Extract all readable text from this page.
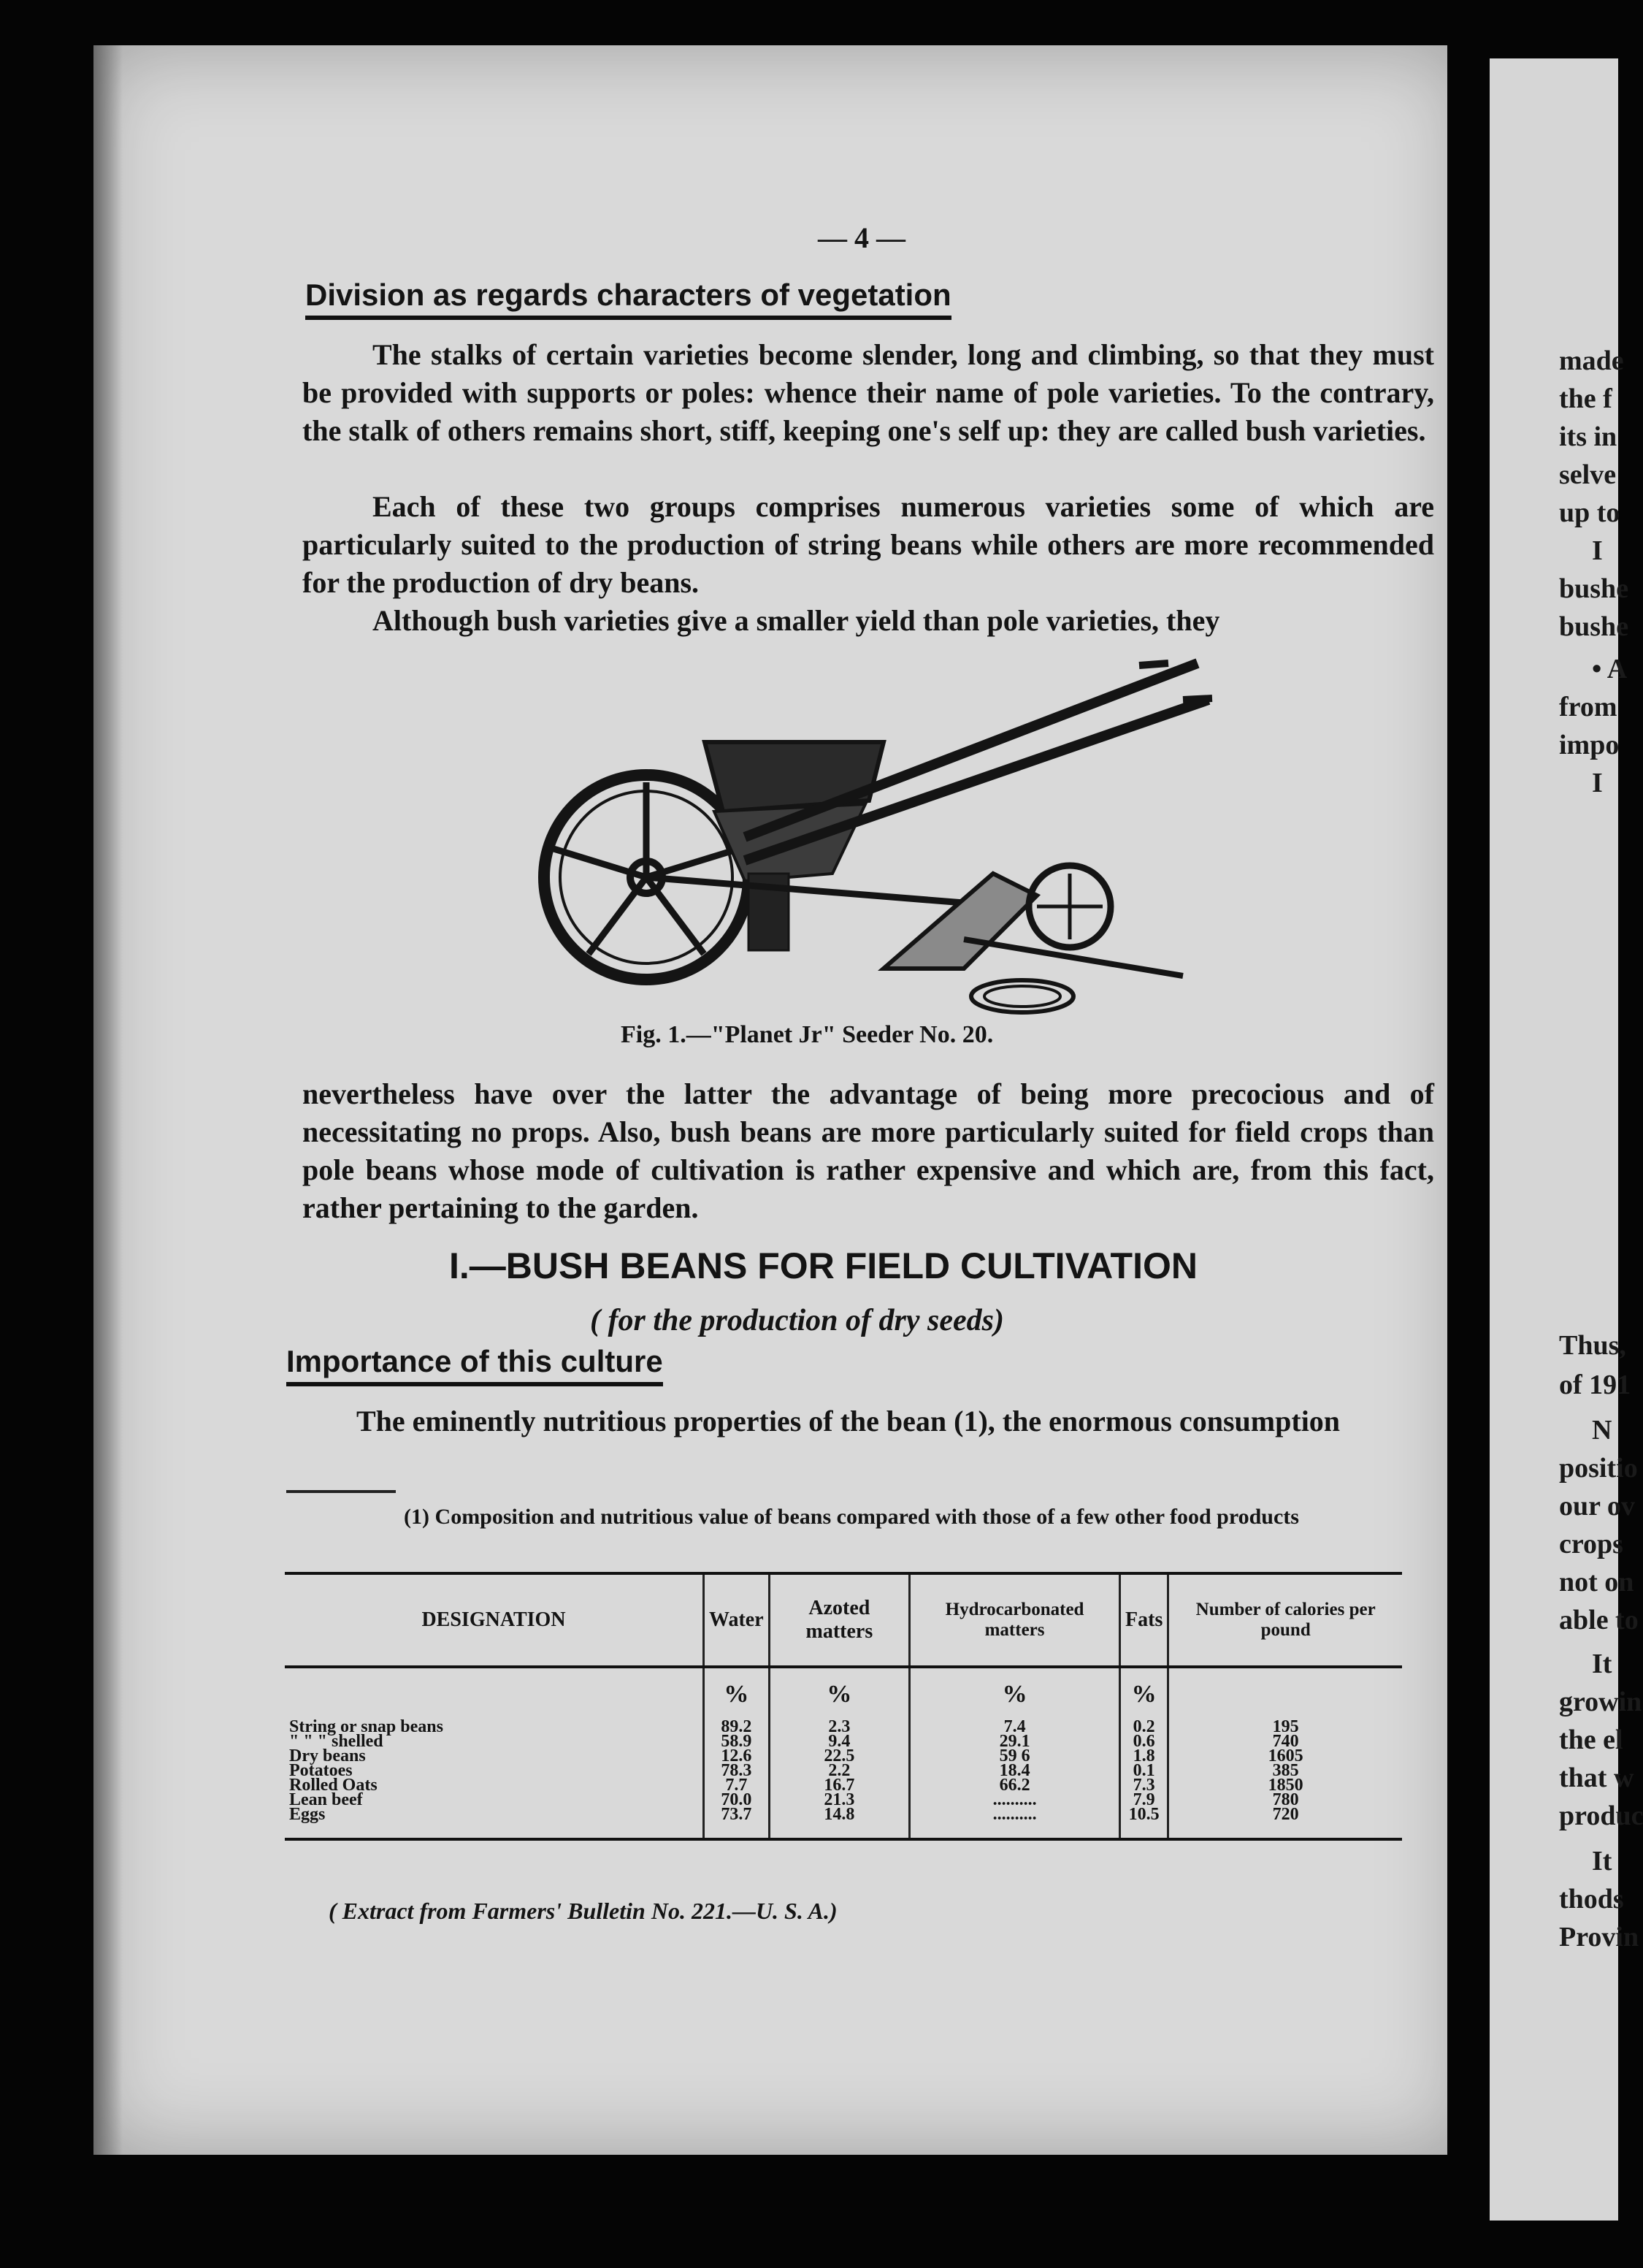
made
the f
its in
selve
up to
I
bushe
bushe
• A
from
impo
I
Thus,
of 191
N
positio
our ov
crops
not on
able to
It
growin
the el
that w
produc
It
thods
Provin
— 4 —
Division as regards characters of vegetation
The stalks of certain varieties become slender, long and climbing, so that they must be provided with supports or poles: whence their name of pole varieties. To the contrary, the stalk of others remains short, stiff, keeping one's self up: they are called bush varieties.
Each of these two groups comprises numerous varieties some of which are particularly suited to the production of string beans while others are more recommended for the production of dry beans.
Although bush varieties give a smaller yield than pole varieties, they
Fig. 1.—"Planet Jr" Seeder No. 20.
nevertheless have over the latter the advantage of being more precocious and of necessitating no props. Also, bush beans are more particularly suited for field crops than pole beans whose mode of cultivation is rather expensive and which are, from this fact, rather pertaining to the garden.
I.—BUSH BEANS FOR FIELD CULTIVATION
( for the production of dry seeds)
Importance of this culture
The eminently nutritious properties of the bean (1), the enormous consumption
(1) Composition and nutritious value of beans compared with those of a few other food products
DESIGNATION	Water	Azoted matters	Hydrocarbonated matters	Fats	Number of calories per pound
	%	%	%	%	
String or snap beans	89.2	2.3	7.4	0.2	195
" " " shelled	58.9	9.4	29.1	0.6	740
Dry beans	12.6	22.5	59 6	1.8	1605
Potatoes	78.3	2.2	18.4	0.1	385
Rolled Oats	7.7	16.7	66.2	7.3	1850
Lean beef	70.0	21.3	..........	7.9	780
Eggs	73.7	14.8	..........	10.5	720

( Extract from Farmers' Bulletin No. 221.—U. S. A.)
